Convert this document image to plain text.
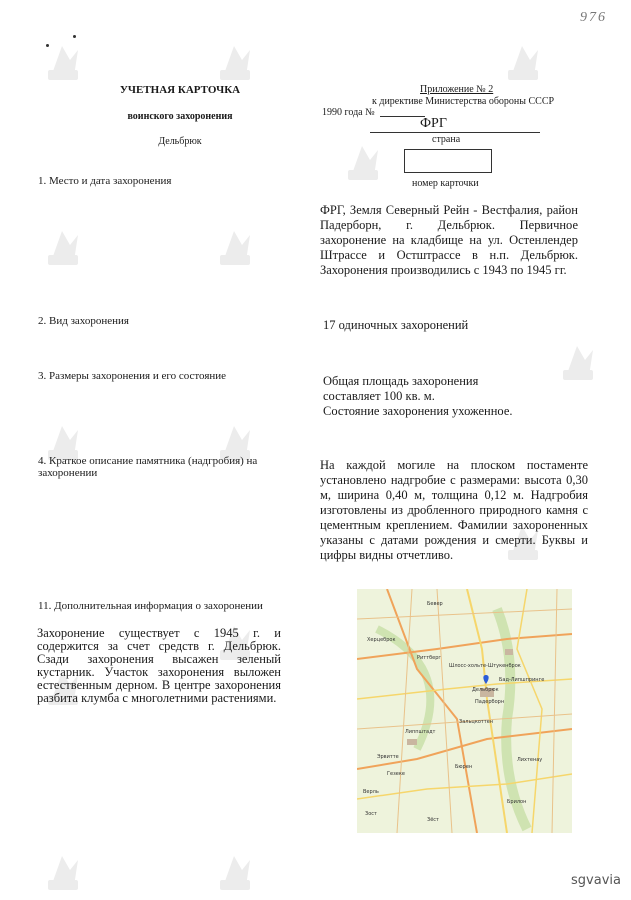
976
УЧЕТНАЯ КАРТОЧКА
воинского захоронения
Дельбрюк
Приложение № 2
к директиве Министерства обороны СССР
1990 года №
ФРГ
страна
номер карточки
1. Место и дата захоронения
ФРГ, Земля Северный Рейн - Вестфалия, район Падерборн, г. Дельбрюк. Первичное захоронение на кладбище на ул. Остенлендер Штрассе и Остштрассе в н.п. Дельбрюк. Захоронения производились с 1943 по 1945 гг.
2. Вид захоронения	17 одиночных захоронений
3. Размеры захоронения и его состояние	Общая площадь захоронения
составляет 100 кв. м.
Состояние захоронения ухоженное.
4. Краткое описание памятника (надгробия) на
захоронении
На каждой могиле на плоском постаменте установлено надгробие с размерами: высота 0,30 м, ширина 0,40 м, толщина 0,12 м. Надгробия изготовлены из дробленного природного камня с цементным креплением. Фамилии захороненных указаны с датами рождения и смерти. Буквы и цифры видны отчетливо.
11. Дополнительная информация о захоронении
Захоронение существует с 1945 г. и содержится за счет средств г. Дельбрюк. Сзади захоронения высажен зеленый кустарник. Участок захоронения выложен естественным дерном. В центре захоронения разбита клумба с многолетними растениями.
Бевер
Херцеброк
Риттберг
Шлосс-хольте-Штукенброк
Дельбрюк
Падерборн
Бад-Липшпринге
Зальцкоттен
Бюрен
Лихтенау
Гезеке
Эрвитте
Липпштадт
Брилон
Верль
Зост
Зёст
sgvavia
